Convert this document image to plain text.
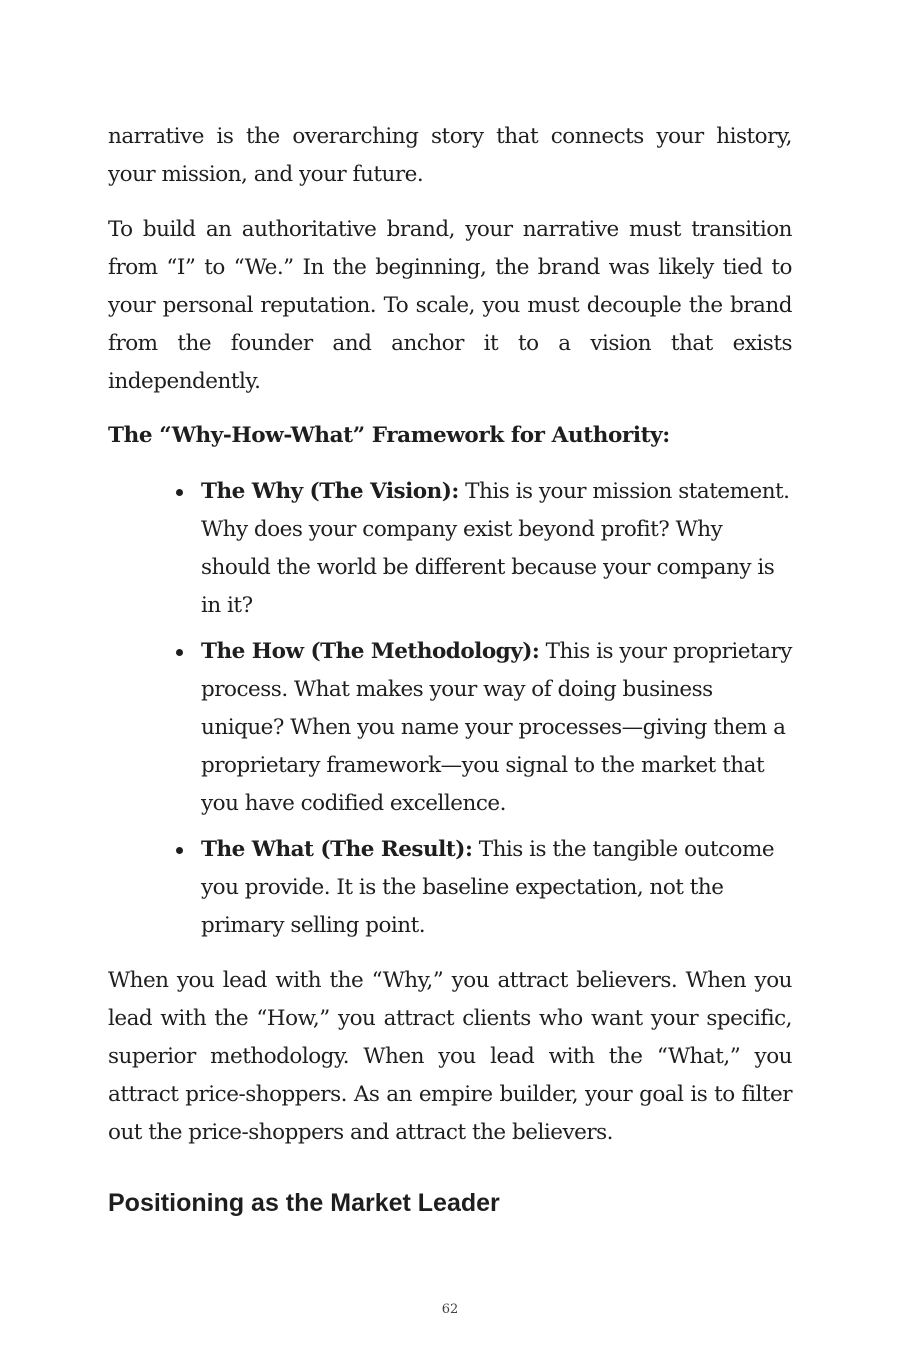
narrative is the overarching story that connects your history, your mission, and your future.

To build an authoritative brand, your narrative must transition from “I” to “We.” In the beginning, the brand was likely tied to your personal reputation. To scale, you must decouple the brand from the founder and anchor it to a vision that exists independently.

The “Why-How-What” Framework for Authority:

The Why (The Vision): This is your mission statement. Why does your company exist beyond profit? Why should the world be different because your company is in it?
The How (The Methodology): This is your proprietary process. What makes your way of doing business unique? When you name your processes—giving them a proprietary framework—you signal to the market that you have codified excellence.
The What (The Result): This is the tangible outcome you provide. It is the baseline expectation, not the primary selling point.

When you lead with the “Why,” you attract believers. When you lead with the “How,” you attract clients who want your specific, superior methodology. When you lead with the “What,” you attract price-shoppers. As an empire builder, your goal is to filter out the price-shoppers and attract the believers.

Positioning as the Market Leader
62
